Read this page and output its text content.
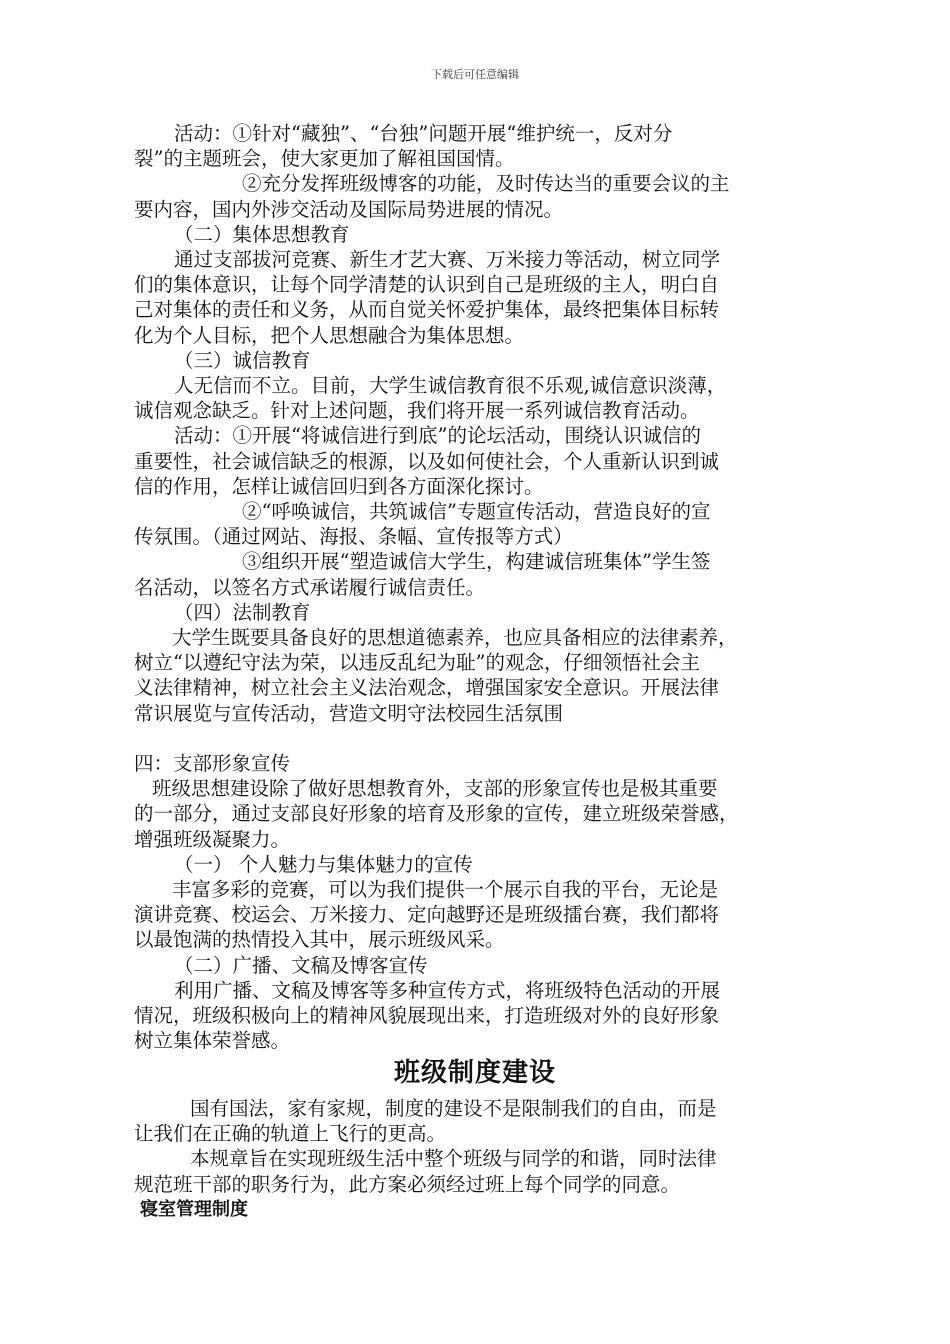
下载后可任意编辑
活动：①针对“藏独”、“台独”问题开展“维护统一，反对分
裂”的主题班会，使大家更加了解祖国国情。
②充分发挥班级博客的功能，及时传达当的重要会议的主
要内容，国内外涉交活动及国际局势进展的情况。
（二）集体思想教育
通过支部拔河竞赛、新生才艺大赛、万米接力等活动，树立同学
们的集体意识，让每个同学清楚的认识到自己是班级的主人，明白自
己对集体的责任和义务，从而自觉关怀爱护集体，最终把集体目标转
化为个人目标，把个人思想融合为集体思想。
（三）诚信教育
人无信而不立。目前，大学生诚信教育很不乐观,诚信意识淡薄，
诚信观念缺乏。针对上述问题，我们将开展一系列诚信教育活动。
活动：①开展“将诚信进行到底”的论坛活动，围绕认识诚信的
重要性，社会诚信缺乏的根源，以及如何使社会，个人重新认识到诚
信的作用，怎样让诚信回归到各方面深化探讨。
②“呼唤诚信，共筑诚信”专题宣传活动，营造良好的宣
传氛围。（通过网站、海报、条幅、宣传报等方式）
③组织开展“塑造诚信大学生，构建诚信班集体”学生签
名活动，以签名方式承诺履行诚信责任。
（四）法制教育
大学生既要具备良好的思想道德素养，也应具备相应的法律素养，
树立“以遵纪守法为荣，以违反乱纪为耻”的观念，仔细领悟社会主
义法律精神，树立社会主义法治观念，增强国家安全意识。开展法律
常识展览与宣传活动，营造文明守法校园生活氛围
四：支部形象宣传
班级思想建设除了做好思想教育外，支部的形象宣传也是极其重要
的一部分，通过支部良好形象的培育及形象的宣传，建立班级荣誉感，
增强班级凝聚力。
（一） 个人魅力与集体魅力的宣传
丰富多彩的竞赛，可以为我们提供一个展示自我的平台，无论是
演讲竞赛、校运会、万米接力、定向越野还是班级擂台赛，我们都将
以最饱满的热情投入其中，展示班级风采。
（二）广播、文稿及博客宣传
利用广播、文稿及博客等多种宣传方式，将班级特色活动的开展
情况，班级积极向上的精神风貌展现出来，打造班级对外的良好形象
树立集体荣誉感。
班级制度建设
国有国法，家有家规，制度的建设不是限制我们的自由，而是
让我们在正确的轨道上飞行的更高。
本规章旨在实现班级生活中整个班级与同学的和谐，同时法律
规范班干部的职务行为，此方案必须经过班上每个同学的同意。
寝室管理制度
